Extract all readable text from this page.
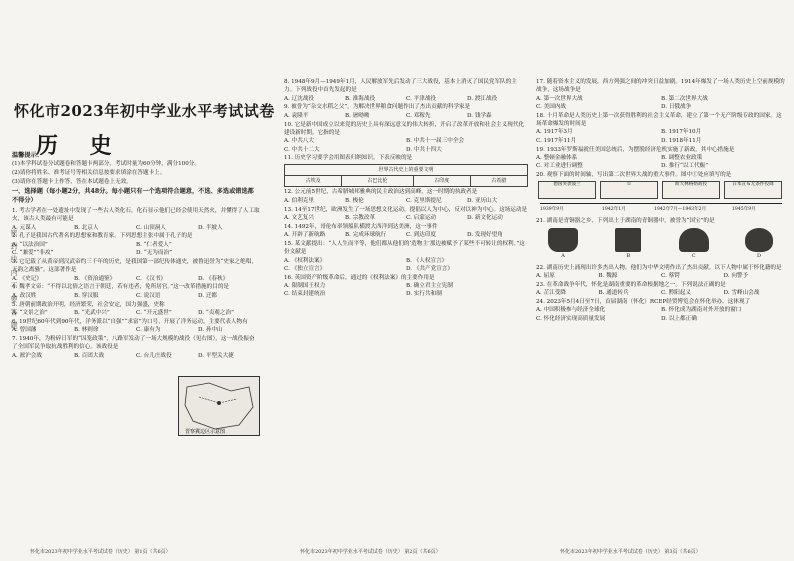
密 封 线 内 不 要 答 题
怀化市2023年初中学业水平考试试卷
历 史
温馨提示：
(1)本学科试卷分试题卷和答题卡两部分，考试时量为60分钟，满分100分。
(2)请你将姓名、准考证号等相关信息按要求填涂在答题卡上。
(3)请你在答题卡上作答，答在本试题卷上无效。
一、选择题（每小题2分，共48分。每小题只有一个选项符合题意，不选、多选或错选都不得分）
1. 考古学者在一处遗址中发现了一些古人类化石，化石显示他们已经会使用天然火，并懂得了人工取火，该古人类最有可能是
A. 元谋人	B. 北京人	C. 山顶洞人	D. 半坡人
2. 孔子是我国古代著名的思想家和教育家。下列思想主张中属于孔子的是
A. “以法治国”	B. “仁者爱人”
C. “兼爱”“非攻”	D. “无为而治”
3. 它记载了从黄帝到汉武帝约三千年的历史，是我国第一部纪传体通史，被鲁迅誉为“史家之绝唱，无韵之离骚”。这部著作是
A. 《史记》	B. 《资治通鉴》	C. 《汉书》	D. 《春秋》
4. 魏孝文帝：“不得以北俗之语言于朝廷，若有违者，免所居官。”这一改革措施的目的是
A. 改汉姓	B. 穿汉服	C. 说汉语	D. 迁都
5. 唐朝前期政治开明，经济繁荣，社会安定，国力强盛，史称
A. “文景之治”	B. “光武中兴”	C. “开元盛世”	D. “贞观之治”
6. 19世纪60年代到90年代，洋务派以“自强”“求富”为口号，开展了洋务运动，主要代表人物有
A. 曾国藩	B. 林则徐	C. 康有为	D. 孙中山
7. 1940年，为粉碎日军的“囚笼政策”，八路军发动了一场大规模的战役（见右图），这一战役振奋了全国军民争取抗战胜利的信心。该战役是
A. 淞沪会战	B. 百团大战	C. 台儿庄战役	D. 平型关大捷
晋察冀边区示意图
8. 1948年9月—1949年1月，人民解放军先后发动了三大战役，基本上消灭了国民党军队的主力。下列战役中首先发起的是
A. 辽沈战役	B. 淮海战役	C. 平津战役	D. 渡江战役
9. 被誉为“杂交水稻之父”，为解决世界粮食问题作出了杰出贡献的科学家是
A. 袁隆平	B. 屠呦呦	C. 邓稼先	D. 钱学森
10. 它是新中国成立以来党的历史上具有深远意义的伟大转折，开启了改革开放和社会主义现代化建设新时期。它指的是
A. 中共八大	B. 中共十一届三中全会
C. 中共十二大	D. 中共十四大
11. 历史学习要学会用图表归纳知识。下表反映的是
世界古代史上的重要文明
古埃及	古巴比伦	古印度	古希腊
12. 公元前5世纪，古希腊城邦雅典的民主政治达到高峰，这一时期的执政者是
A. 伯利克里	B. 梭伦	C. 克里斯提尼	D. 亚历山大
13. 14至17世纪，欧洲发生了一场思想文化运动，提倡以人为中心，反对以神为中心。这场运动是
A. 文艺复兴	B. 宗教改革	C. 启蒙运动	D. 新文化运动
14. 1492年，哥伦布率领船队横渡大西洋到达美洲，这一事件
A. 开辟了新航路	B. 完成环球航行	C. 到达印度	D. 发现好望角
15. 某文献提出：“人人生而平等，他们都从他们的‘造物主’那边被赋予了某些不可转让的权利。”这份文献是
A. 《权利法案》	B. 《人权宣言》
C. 《独立宣言》	D. 《共产党宣言》
16. 英国资产阶级革命后，通过的《权利法案》的主要作用是
A. 限制国王权力	B. 确立君主立宪制
C. 结束封建统治	D. 实行共和制
17. 随着资本主义的发展，西方列强之间的冲突日益加剧。1914年爆发了一场人类历史上空前规模的战争，这场战争是
A. 第一次世界大战	B. 第二次世界大战
C. 美国内战	D. 日俄战争
18. 十月革命是人类历史上第一次获得胜利的社会主义革命，建立了第一个无产阶级专政的国家。这场革命爆发的时间是
A. 1917年3月	B. 1917年10月
C. 1917年11月	D. 1918年11月
19. 1933年罗斯福就任美国总统后，为摆脱经济危机实施了新政，其中心措施是
A. 整顿金融体系	B. 调整农业政策
C. 对工业进行调整	D. 推行“以工代赈”
20. 观察下面的时间轴，写出第二次世界大战的重大事件。图中①处应填写的是
德国突袭波兰	①	斯大林格勒战役	日本宣布无条件投降
1939年9月	1942年1月	1942年7月—1943年2月	1945年9月
21. 湖南是青铜器之乡，下列出土于湖南的青铜器中，被誉为“国宝”的是
A	B	C	D
22. 湖南历史上涌现出许多杰出人物，他们为中华文明作出了杰出贡献。以下人物中属于怀化籍的是
A. 屈原	B. 魏源	C. 蔡锷	D. 向警予
23. 在革命战争年代，怀化是湖南重要的革命根据地之一。下列说法正确的是
A. 芷江受降	B. 通道转兵	C. 黔阳起义	D. 雪峰山会战
24. 2023年5月4日至7日，首届湖南（怀化）RCEP经贸博览会在怀化举办。这体现了
A. 中国积极参与经济全球化	B. 怀化成为湖南对外开放的窗口
C. 怀化经济实现高质量发展	D. 以上都正确
怀化市2023年初中学业水平考试试卷（历史） 第1页（共6页）	怀化市2023年初中学业水平考试试卷（历史） 第2页（共6页）	怀化市2023年初中学业水平考试试卷（历史） 第3页（共6页）
